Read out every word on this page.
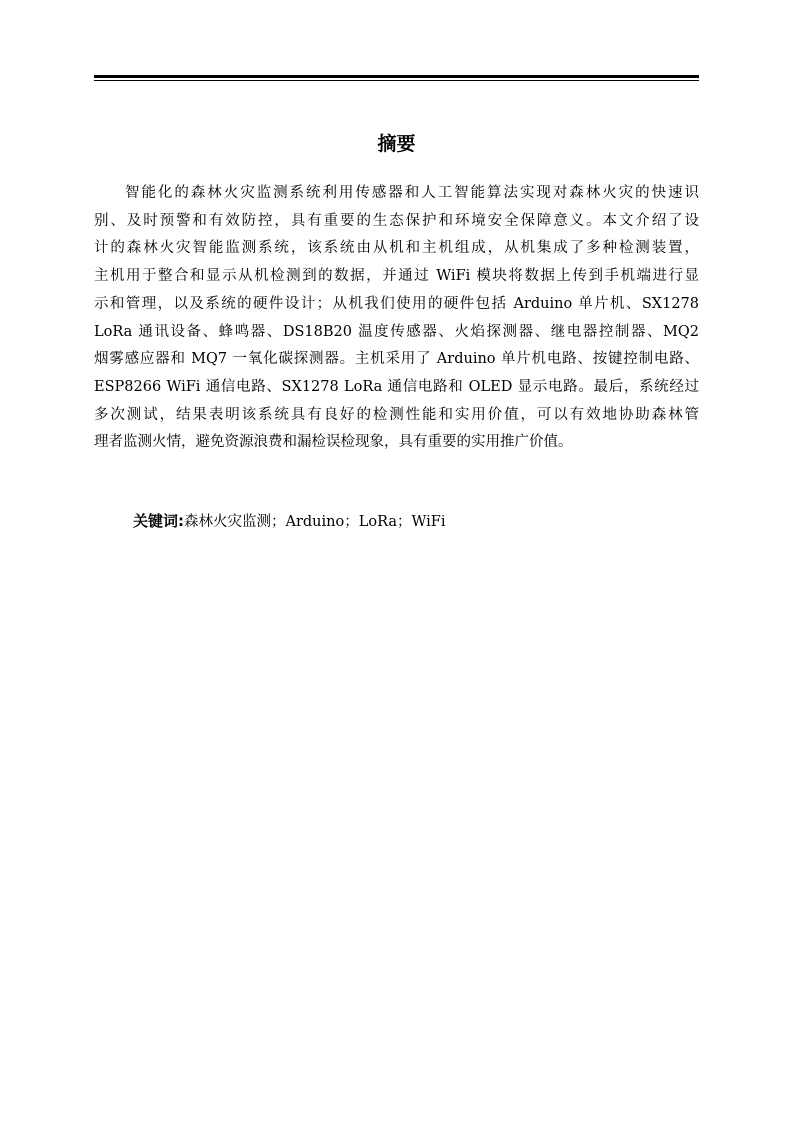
摘要

智能化的森林火灾监测系统利用传感器和人工智能算法实现对森林火灾的快速识
别、及时预警和有效防控，具有重要的生态保护和环境安全保障意义。本文介绍了设
计的森林火灾智能监测系统，该系统由从机和主机组成，从机集成了多种检测装置，
主机用于整合和显示从机检测到的数据，并通过 WiFi 模块将数据上传到手机端进行显
示和管理，以及系统的硬件设计；从机我们使用的硬件包括 Arduino 单片机、SX1278
LoRa 通讯设备、蜂鸣器、DS18B20 温度传感器、火焰探测器、继电器控制器、MQ2
烟雾感应器和 MQ7 一氧化碳探测器。主机采用了 Arduino 单片机电路、按键控制电路、
ESP8266 WiFi 通信电路、SX1278 LoRa 通信电路和 OLED 显示电路。最后，系统经过
多次测试，结果表明该系统具有良好的检测性能和实用价值，可以有效地协助森林管
理者监测火情，避免资源浪费和漏检误检现象，具有重要的实用推广价值。

关键词:森林火灾监测；Arduino；LoRa；WiFi
